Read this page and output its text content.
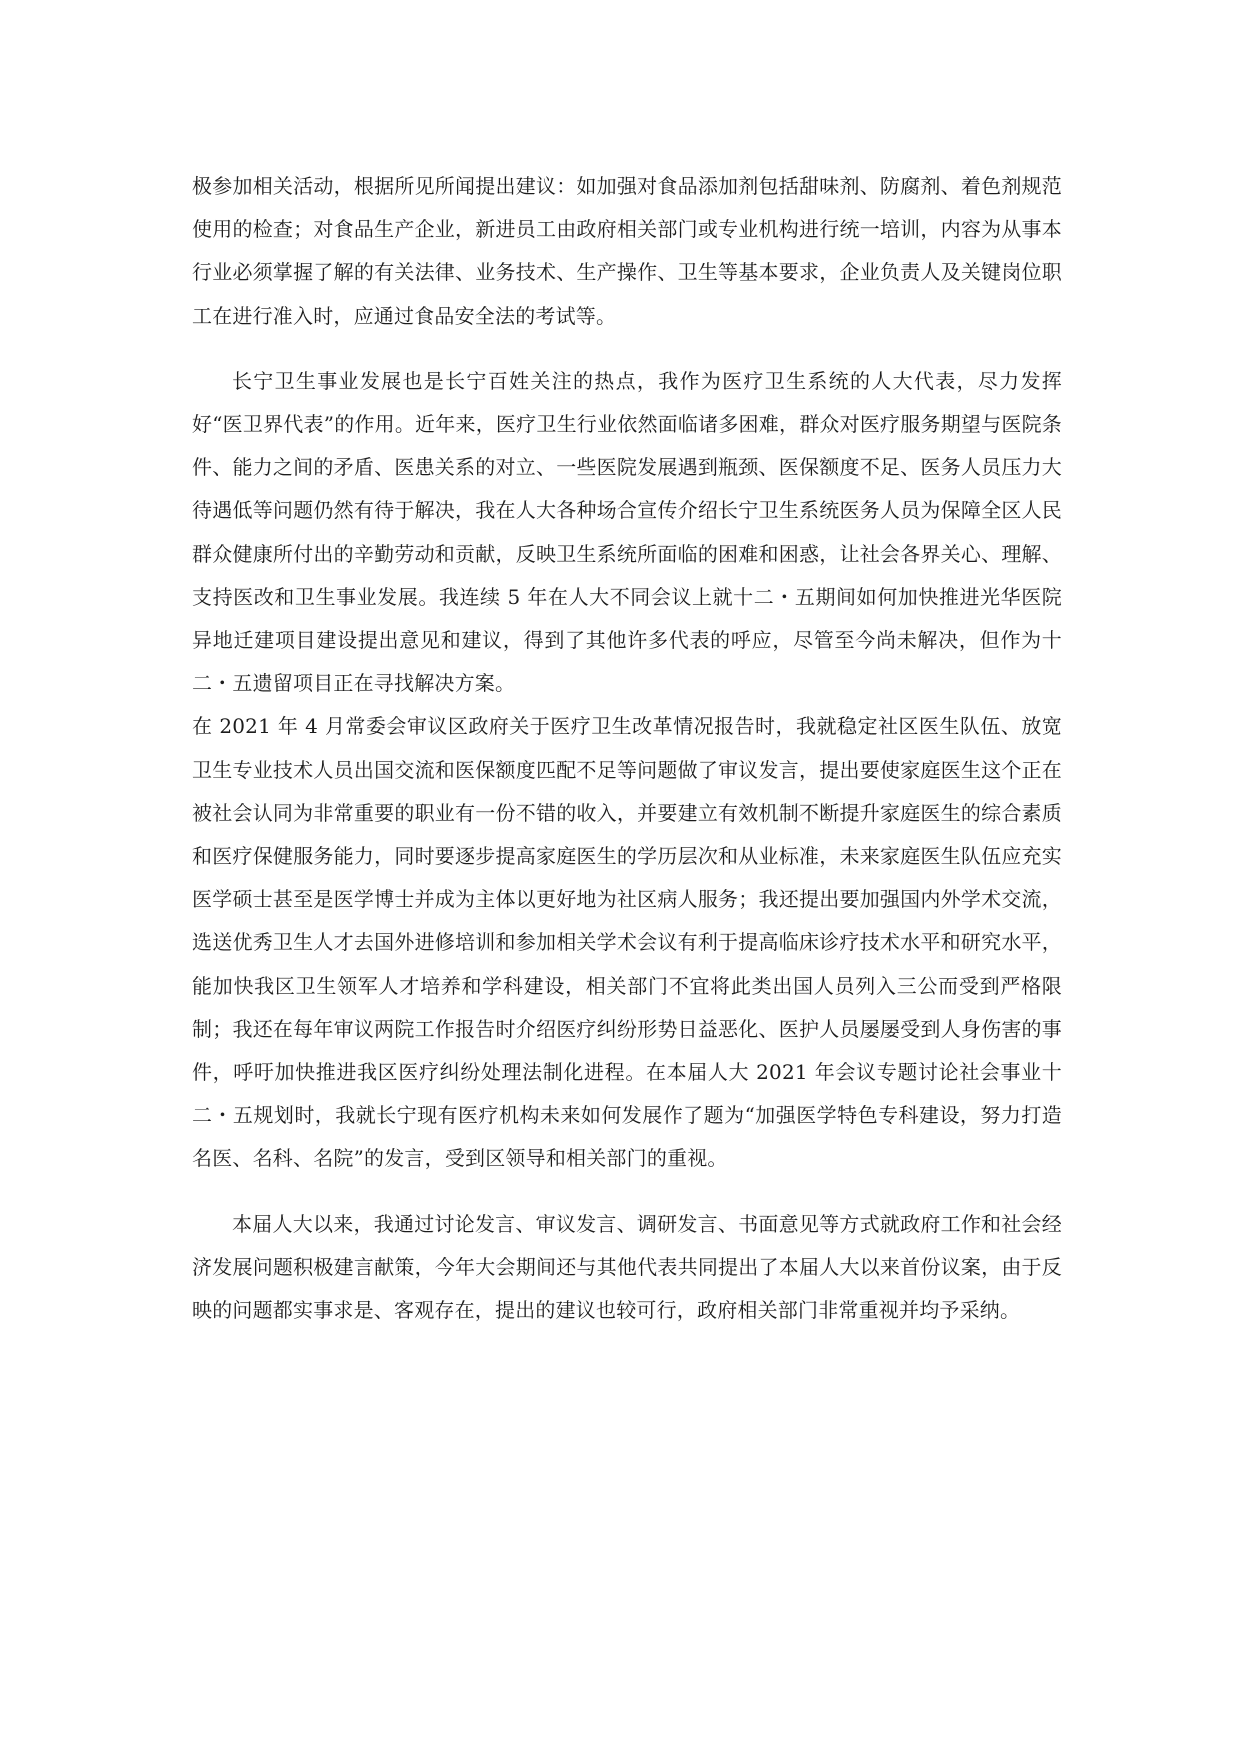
极参加相关活动，根据所见所闻提出建议：如加强对食品添加剂包括甜味剂、防腐剂、着色剂规范使用的检查；对食品生产企业，新进员工由政府相关部门或专业机构进行统一培训，内容为从事本行业必须掌握了解的有关法律、业务技术、生产操作、卫生等基本要求，企业负责人及关键岗位职工在进行准入时，应通过食品安全法的考试等。

长宁卫生事业发展也是长宁百姓关注的热点，我作为医疗卫生系统的人大代表，尽力发挥好“医卫界代表”的作用。近年来，医疗卫生行业依然面临诸多困难，群众对医疗服务期望与医院条件、能力之间的矛盾、医患关系的对立、一些医院发展遇到瓶颈、医保额度不足、医务人员压力大待遇低等问题仍然有待于解决，我在人大各种场合宣传介绍长宁卫生系统医务人员为保障全区人民群众健康所付出的辛勤劳动和贡献，反映卫生系统所面临的困难和困惑，让社会各界关心、理解、支持医改和卫生事业发展。我连续 5 年在人大不同会议上就十二・五期间如何加快推进光华医院异地迁建项目建设提出意见和建议，得到了其他许多代表的呼应，尽管至今尚未解决，但作为十二・五遗留项目正在寻找解决方案。

在 2021 年 4 月常委会审议区政府关于医疗卫生改革情况报告时，我就稳定社区医生队伍、放宽卫生专业技术人员出国交流和医保额度匹配不足等问题做了审议发言，提出要使家庭医生这个正在被社会认同为非常重要的职业有一份不错的收入，并要建立有效机制不断提升家庭医生的综合素质和医疗保健服务能力，同时要逐步提高家庭医生的学历层次和从业标准，未来家庭医生队伍应充实医学硕士甚至是医学博士并成为主体以更好地为社区病人服务；我还提出要加强国内外学术交流，选送优秀卫生人才去国外进修培训和参加相关学术会议有利于提高临床诊疗技术水平和研究水平，能加快我区卫生领军人才培养和学科建设，相关部门不宜将此类出国人员列入三公而受到严格限制；我还在每年审议两院工作报告时介绍医疗纠纷形势日益恶化、医护人员屡屡受到人身伤害的事件，呼吁加快推进我区医疗纠纷处理法制化进程。在本届人大 2021 年会议专题讨论社会事业十二・五规划时，我就长宁现有医疗机构未来如何发展作了题为“加强医学特色专科建设，努力打造名医、名科、名院”的发言，受到区领导和相关部门的重视。

本届人大以来，我通过讨论发言、审议发言、调研发言、书面意见等方式就政府工作和社会经济发展问题积极建言献策，今年大会期间还与其他代表共同提出了本届人大以来首份议案，由于反映的问题都实事求是、客观存在，提出的建议也较可行，政府相关部门非常重视并均予采纳。
